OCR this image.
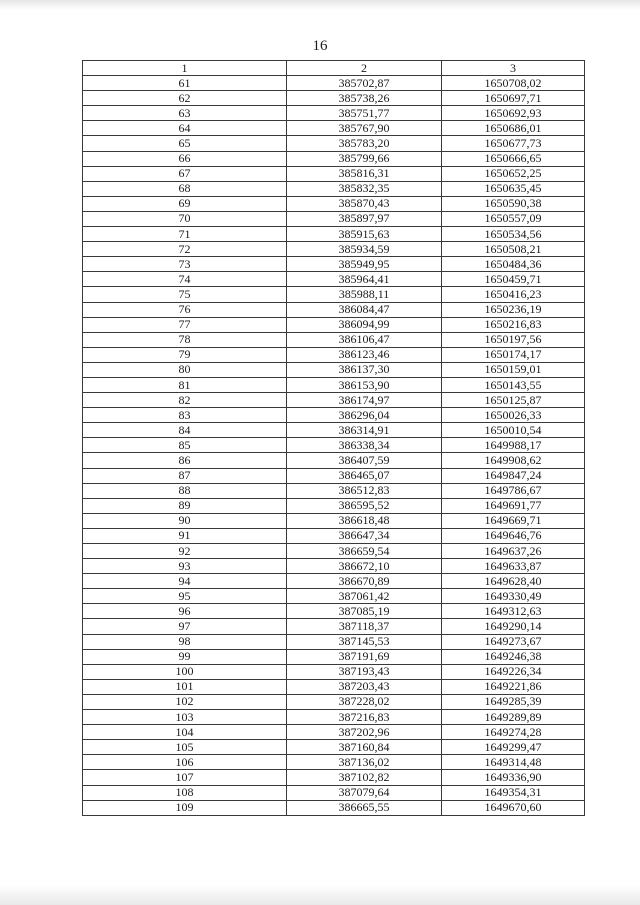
16
1	2	3
61	385702,87	1650708,02
62	385738,26	1650697,71
63	385751,77	1650692,93
64	385767,90	1650686,01
65	385783,20	1650677,73
66	385799,66	1650666,65
67	385816,31	1650652,25
68	385832,35	1650635,45
69	385870,43	1650590,38
70	385897,97	1650557,09
71	385915,63	1650534,56
72	385934,59	1650508,21
73	385949,95	1650484,36
74	385964,41	1650459,71
75	385988,11	1650416,23
76	386084,47	1650236,19
77	386094,99	1650216,83
78	386106,47	1650197,56
79	386123,46	1650174,17
80	386137,30	1650159,01
81	386153,90	1650143,55
82	386174,97	1650125,87
83	386296,04	1650026,33
84	386314,91	1650010,54
85	386338,34	1649988,17
86	386407,59	1649908,62
87	386465,07	1649847,24
88	386512,83	1649786,67
89	386595,52	1649691,77
90	386618,48	1649669,71
91	386647,34	1649646,76
92	386659,54	1649637,26
93	386672,10	1649633,87
94	386670,89	1649628,40
95	387061,42	1649330,49
96	387085,19	1649312,63
97	387118,37	1649290,14
98	387145,53	1649273,67
99	387191,69	1649246,38
100	387193,43	1649226,34
101	387203,43	1649221,86
102	387228,02	1649285,39
103	387216,83	1649289,89
104	387202,96	1649274,28
105	387160,84	1649299,47
106	387136,02	1649314,48
107	387102,82	1649336,90
108	387079,64	1649354,31
109	386665,55	1649670,60
